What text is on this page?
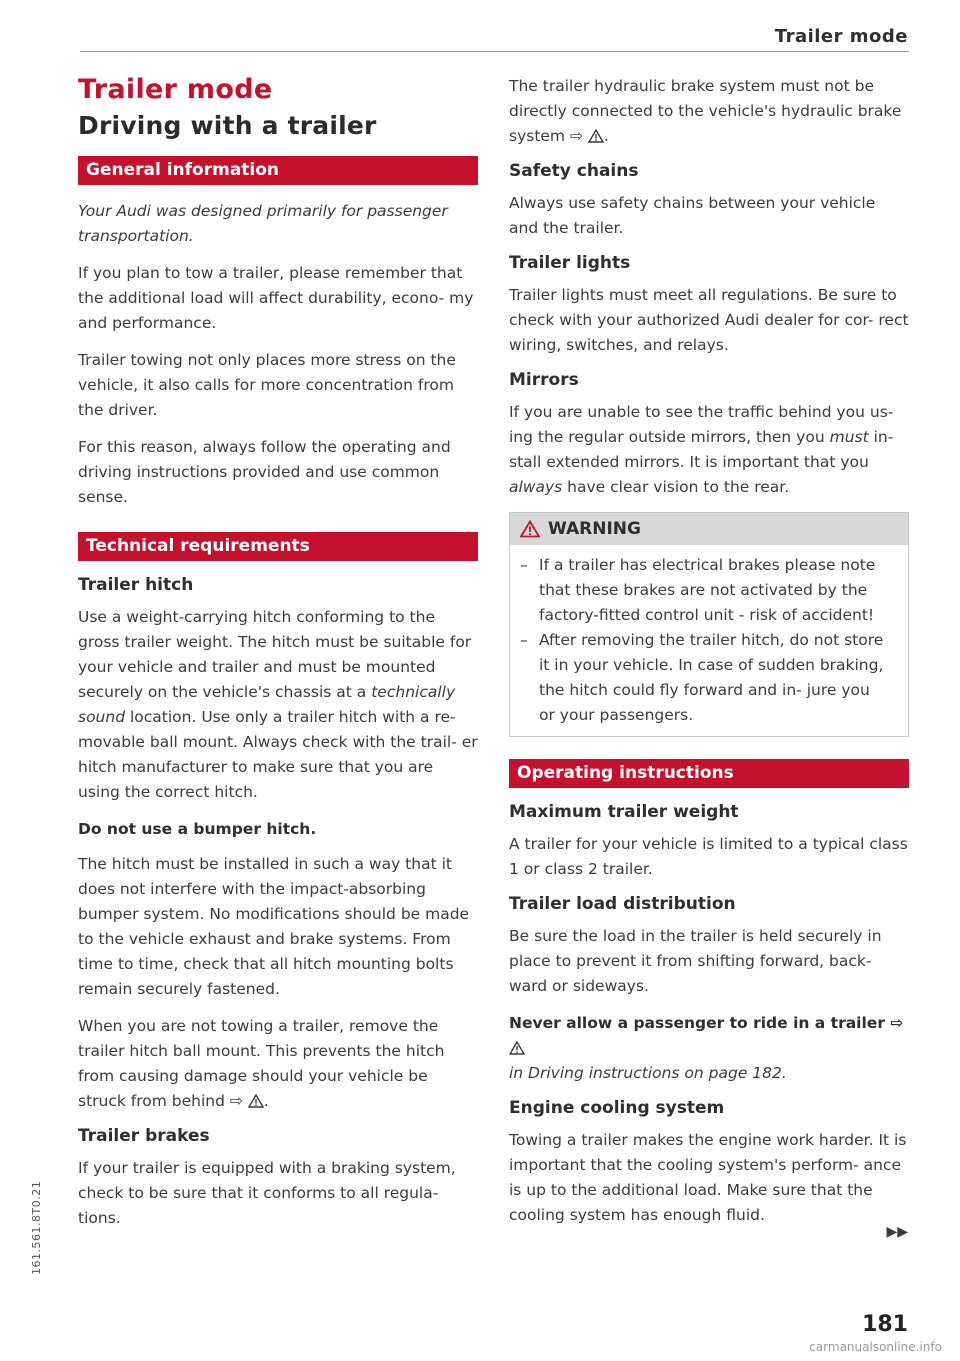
Trailer mode
Trailer mode
Driving with a trailer
General information

Your Audi was designed primarily for passenger transportation.

If you plan to tow a trailer, please remember that the additional load will affect durability, econo- my and performance.

Trailer towing not only places more stress on the vehicle, it also calls for more concentration from the driver.

For this reason, always follow the operating and driving instructions provided and use common sense.

Technical requirements
Trailer hitch

Use a weight-carrying hitch conforming to the gross trailer weight. The hitch must be suitable for your vehicle and trailer and must be mounted securely on the vehicle's chassis at a technically sound location. Use only a trailer hitch with a re- movable ball mount. Always check with the trail- er hitch manufacturer to make sure that you are using the correct hitch.

Do not use a bumper hitch.

The hitch must be installed in such a way that it does not interfere with the impact-absorbing bumper system. No modifications should be made to the vehicle exhaust and brake systems. From time to time, check that all hitch mounting bolts remain securely fastened.

When you are not towing a trailer, remove the trailer hitch ball mount. This prevents the hitch from causing damage should your vehicle be struck from behind ⇨ .

Trailer brakes

If your trailer is equipped with a braking system, check to be sure that it conforms to all regula- tions.

The trailer hydraulic brake system must not be directly connected to the vehicle's hydraulic brake system ⇨ .

Safety chains

Always use safety chains between your vehicle and the trailer.

Trailer lights

Trailer lights must meet all regulations. Be sure to check with your authorized Audi dealer for cor- rect wiring, switches, and relays.

Mirrors

If you are unable to see the traffic behind you us- ing the regular outside mirrors, then you must in- stall extended mirrors. It is important that you always have clear vision to the rear.

WARNING
– If a trailer has electrical brakes please note that these brakes are not activated by the factory-fitted control unit - risk of accident!
– After removing the trailer hitch, do not store it in your vehicle. In case of sudden braking, the hitch could fly forward and in- jure you or your passengers.
Operating instructions
Maximum trailer weight

A trailer for your vehicle is limited to a typical class 1 or class 2 trailer.

Trailer load distribution

Be sure the load in the trailer is held securely in place to prevent it from shifting forward, back- ward or sideways.

Never allow a passenger to ride in a trailer ⇨

in Driving instructions on page 182.

Engine cooling system

Towing a trailer makes the engine work harder. It is important that the cooling system's perform- ance is up to the additional load. Make sure that the cooling system has enough fluid.

▶▶
181
161.561.8T0.21
carmanualsonline.info
